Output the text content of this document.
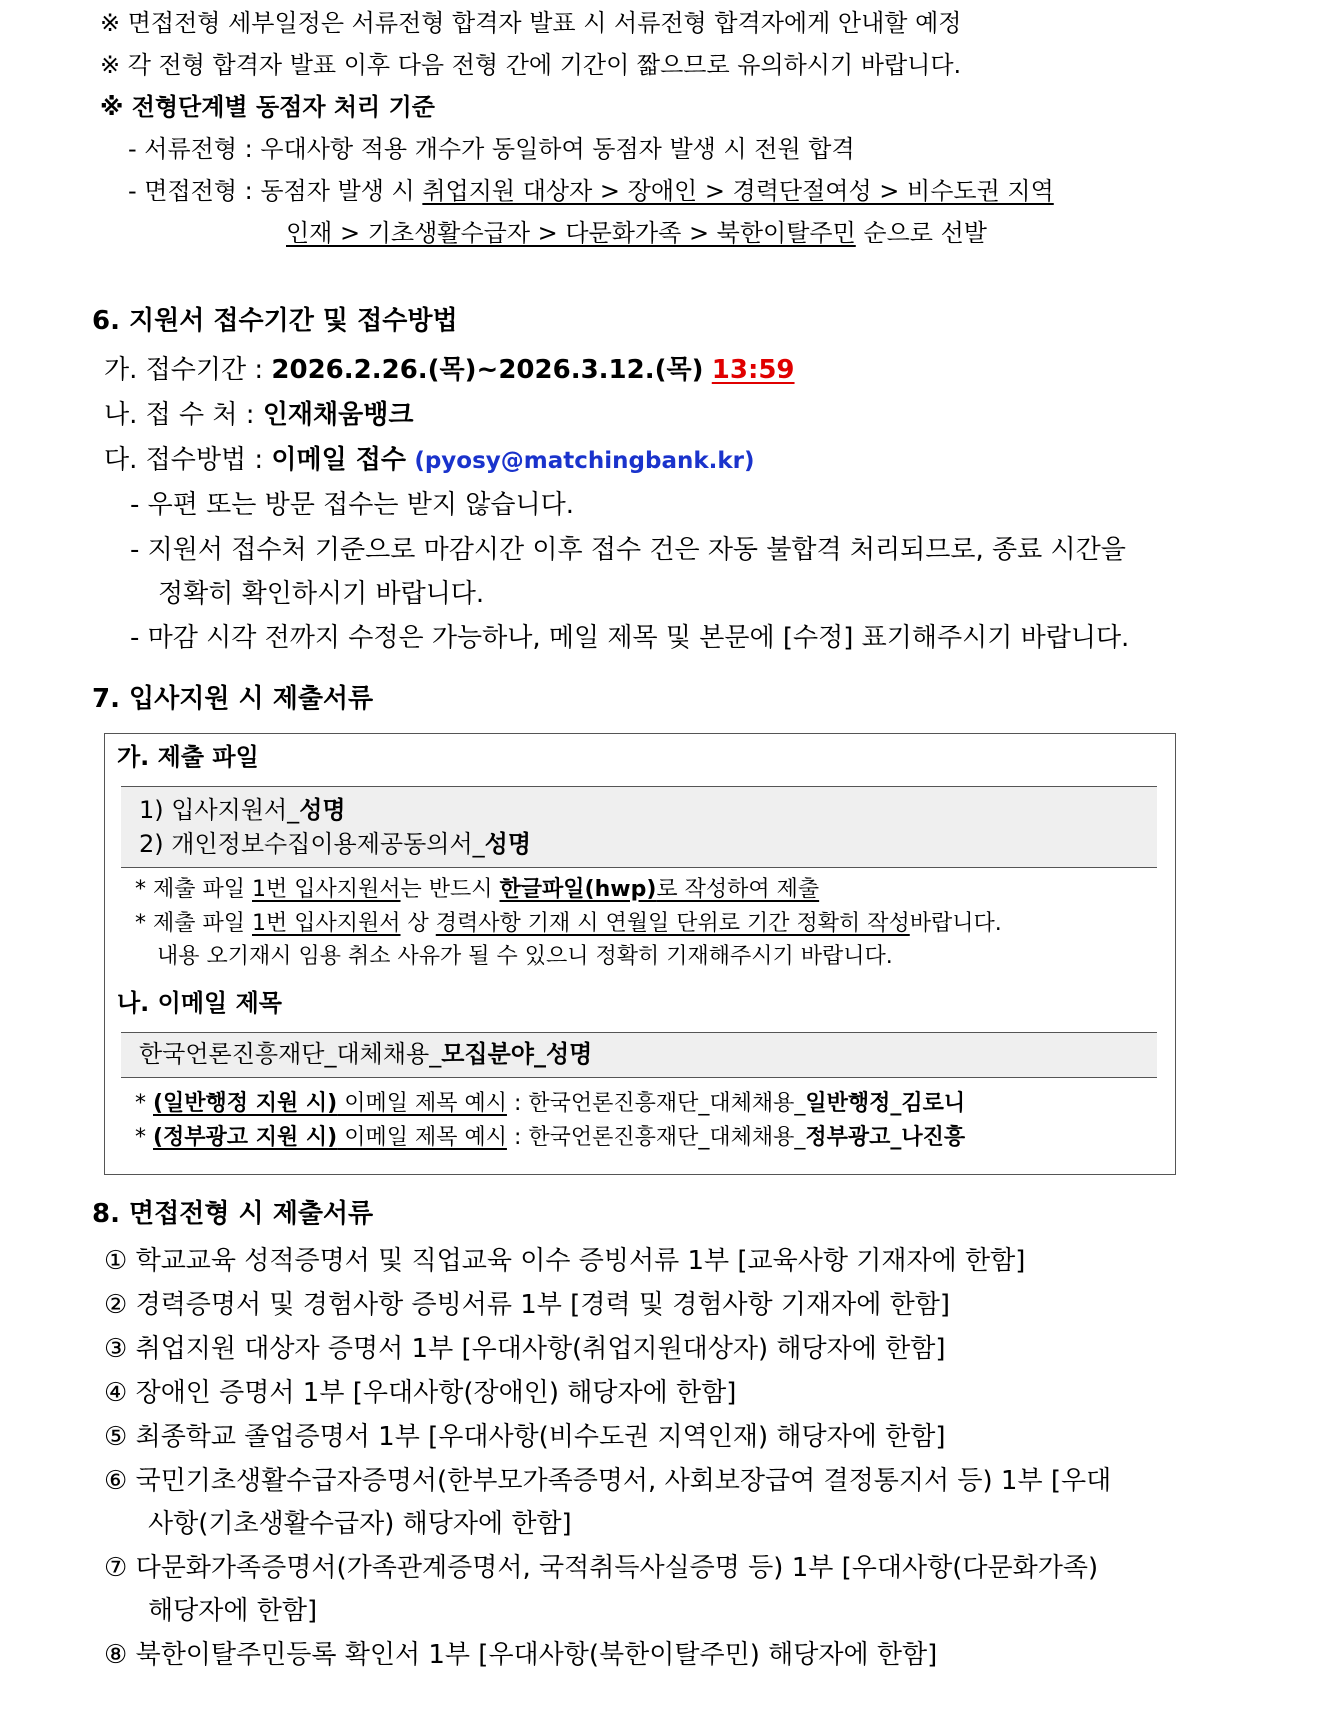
※ 면접전형 세부일정은 서류전형 합격자 발표 시 서류전형 합격자에게 안내할 예정
※ 각 전형 합격자 발표 이후 다음 전형 간에 기간이 짧으므로 유의하시기 바랍니다.
※ 전형단계별 동점자 처리 기준
- 서류전형 : 우대사항 적용 개수가 동일하여 동점자 발생 시 전원 합격
- 면접전형 : 동점자 발생 시 취업지원 대상자 > 장애인 > 경력단절여성 > 비수도권 지역
인재 > 기초생활수급자 > 다문화가족 > 북한이탈주민 순으로 선발
6. 지원서 접수기간 및 접수방법
가. 접수기간 : 2026.2.26.(목)~2026.3.12.(목) 13:59
나. 접 수 처 : 인재채움뱅크
다. 접수방법 : 이메일 접수 (pyosy@matchingbank.kr)
- 우편 또는 방문 접수는 받지 않습니다.
- 지원서 접수처 기준으로 마감시간 이후 접수 건은 자동 불합격 처리되므로, 종료 시간을
정확히 확인하시기 바랍니다.
- 마감 시각 전까지 수정은 가능하나, 메일 제목 및 본문에 [수정] 표기해주시기 바랍니다.
7. 입사지원 시 제출서류
가. 제출 파일
1) 입사지원서_성명
2) 개인정보수집이용제공동의서_성명
* 제출 파일 1번 입사지원서는 반드시 한글파일(hwp)로 작성하여 제출
* 제출 파일 1번 입사지원서 상 경력사항 기재 시 연월일 단위로 기간 정확히 작성바랍니다.
내용 오기재시 임용 취소 사유가 될 수 있으니 정확히 기재해주시기 바랍니다.
나. 이메일 제목
한국언론진흥재단_대체채용_모집분야_성명
* (일반행정 지원 시) 이메일 제목 예시 : 한국언론진흥재단_대체채용_일반행정_김로니
* (정부광고 지원 시) 이메일 제목 예시 : 한국언론진흥재단_대체채용_정부광고_나진흥
8. 면접전형 시 제출서류
① 학교교육 성적증명서 및 직업교육 이수 증빙서류 1부 [교육사항 기재자에 한함]
② 경력증명서 및 경험사항 증빙서류 1부 [경력 및 경험사항 기재자에 한함]
③ 취업지원 대상자 증명서 1부 [우대사항(취업지원대상자) 해당자에 한함]
④ 장애인 증명서 1부 [우대사항(장애인) 해당자에 한함]
⑤ 최종학교 졸업증명서 1부 [우대사항(비수도권 지역인재) 해당자에 한함]
⑥ 국민기초생활수급자증명서(한부모가족증명서, 사회보장급여 결정통지서 등) 1부 [우대
사항(기초생활수급자) 해당자에 한함]
⑦ 다문화가족증명서(가족관계증명서, 국적취득사실증명 등) 1부 [우대사항(다문화가족)
해당자에 한함]
⑧ 북한이탈주민등록 확인서 1부 [우대사항(북한이탈주민) 해당자에 한함]
